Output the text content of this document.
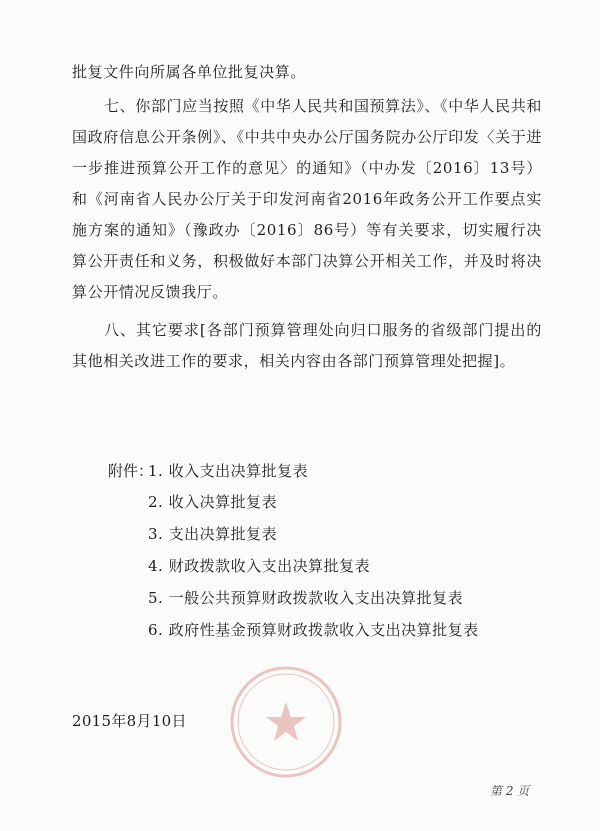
批复文件向所属各单位批复决算。
七、你部门应当按照《中华人民共和国预算法》、《中华人民共和国政府信息公开条例》、《中共中央办公厅国务院办公厅印发〈关于进一步推进预算公开工作的意见〉的通知》（中办发〔2016〕13号）和《河南省人民办公厅关于印发河南省2016年政务公开工作要点实施方案的通知》（豫政办〔2016〕86号）等有关要求，切实履行决算公开责任和义务，积极做好本部门决算公开相关工作，并及时将决算公开情况反馈我厅。
八、其它要求[各部门预算管理处向归口服务的省级部门提出的其他相关改进工作的要求，相关内容由各部门预算管理处把握]。
附件：
1. 收入支出决算批复表
2. 收入决算批复表
3. 支出决算批复表
4. 财政拨款收入支出决算批复表
5. 一般公共预算财政拨款收入支出决算批复表
6. 政府性基金预算财政拨款收入支出决算批复表
2015年8月10日
第 2 页
